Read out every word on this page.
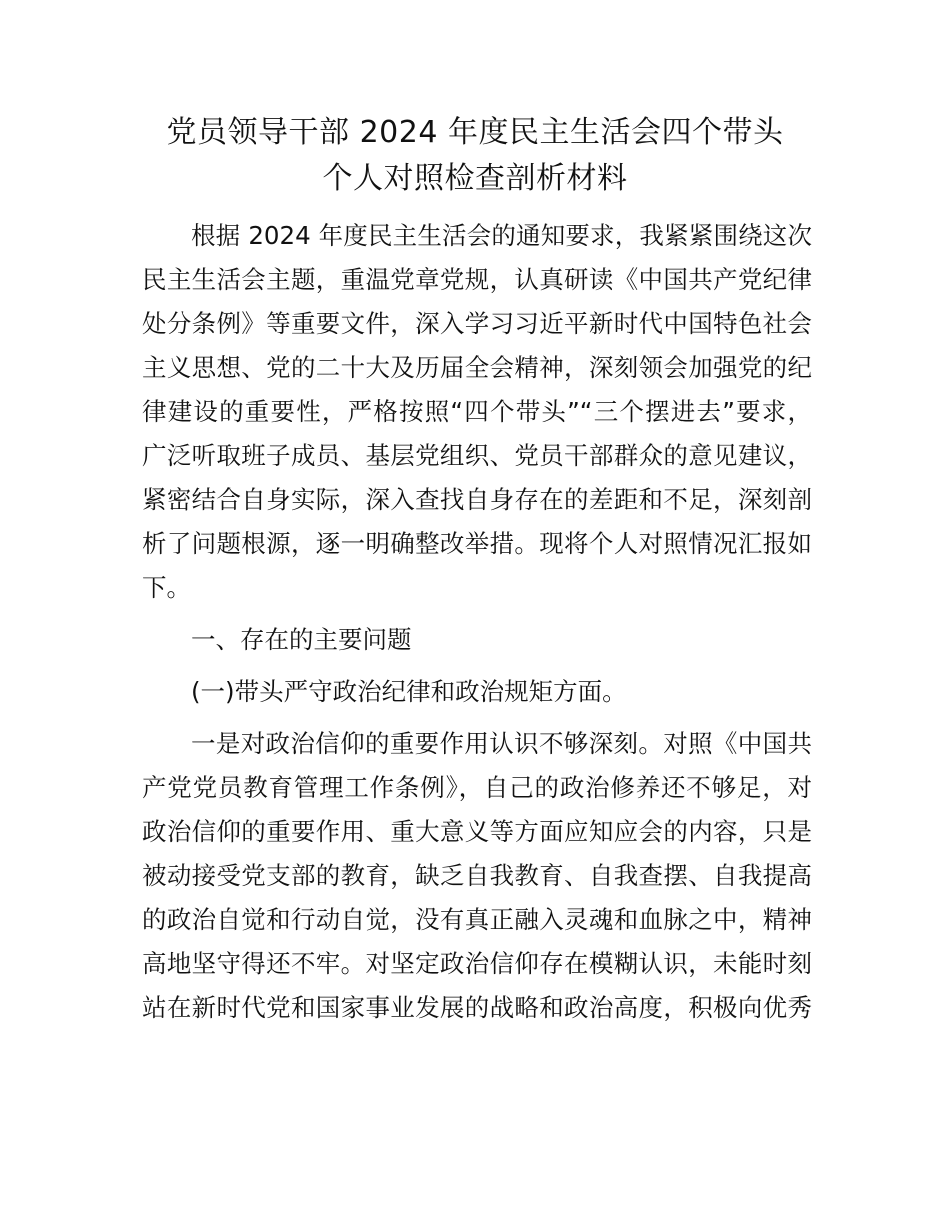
党员领导干部 2024 年度民主生活会四个带头
个人对照检查剖析材料
根据 2024 年度民主生活会的通知要求，我紧紧围绕这次
民主生活会主题，重温党章党规，认真研读《中国共产党纪律
处分条例》等重要文件，深入学习习近平新时代中国特色社会
主义思想、党的二十大及历届全会精神，深刻领会加强党的纪
律建设的重要性，严格按照“四个带头”“三个摆进去”要求，
广泛听取班子成员、基层党组织、党员干部群众的意见建议，
紧密结合自身实际，深入查找自身存在的差距和不足，深刻剖
析了问题根源，逐一明确整改举措。现将个人对照情况汇报如
下。
一、存在的主要问题
(一)带头严守政治纪律和政治规矩方面。
一是对政治信仰的重要作用认识不够深刻。对照《中国共
产党党员教育管理工作条例》，自己的政治修养还不够足，对
政治信仰的重要作用、重大意义等方面应知应会的内容，只是
被动接受党支部的教育，缺乏自我教育、自我查摆、自我提高
的政治自觉和行动自觉，没有真正融入灵魂和血脉之中，精神
高地坚守得还不牢。对坚定政治信仰存在模糊认识，未能时刻
站在新时代党和国家事业发展的战略和政治高度，积极向优秀
